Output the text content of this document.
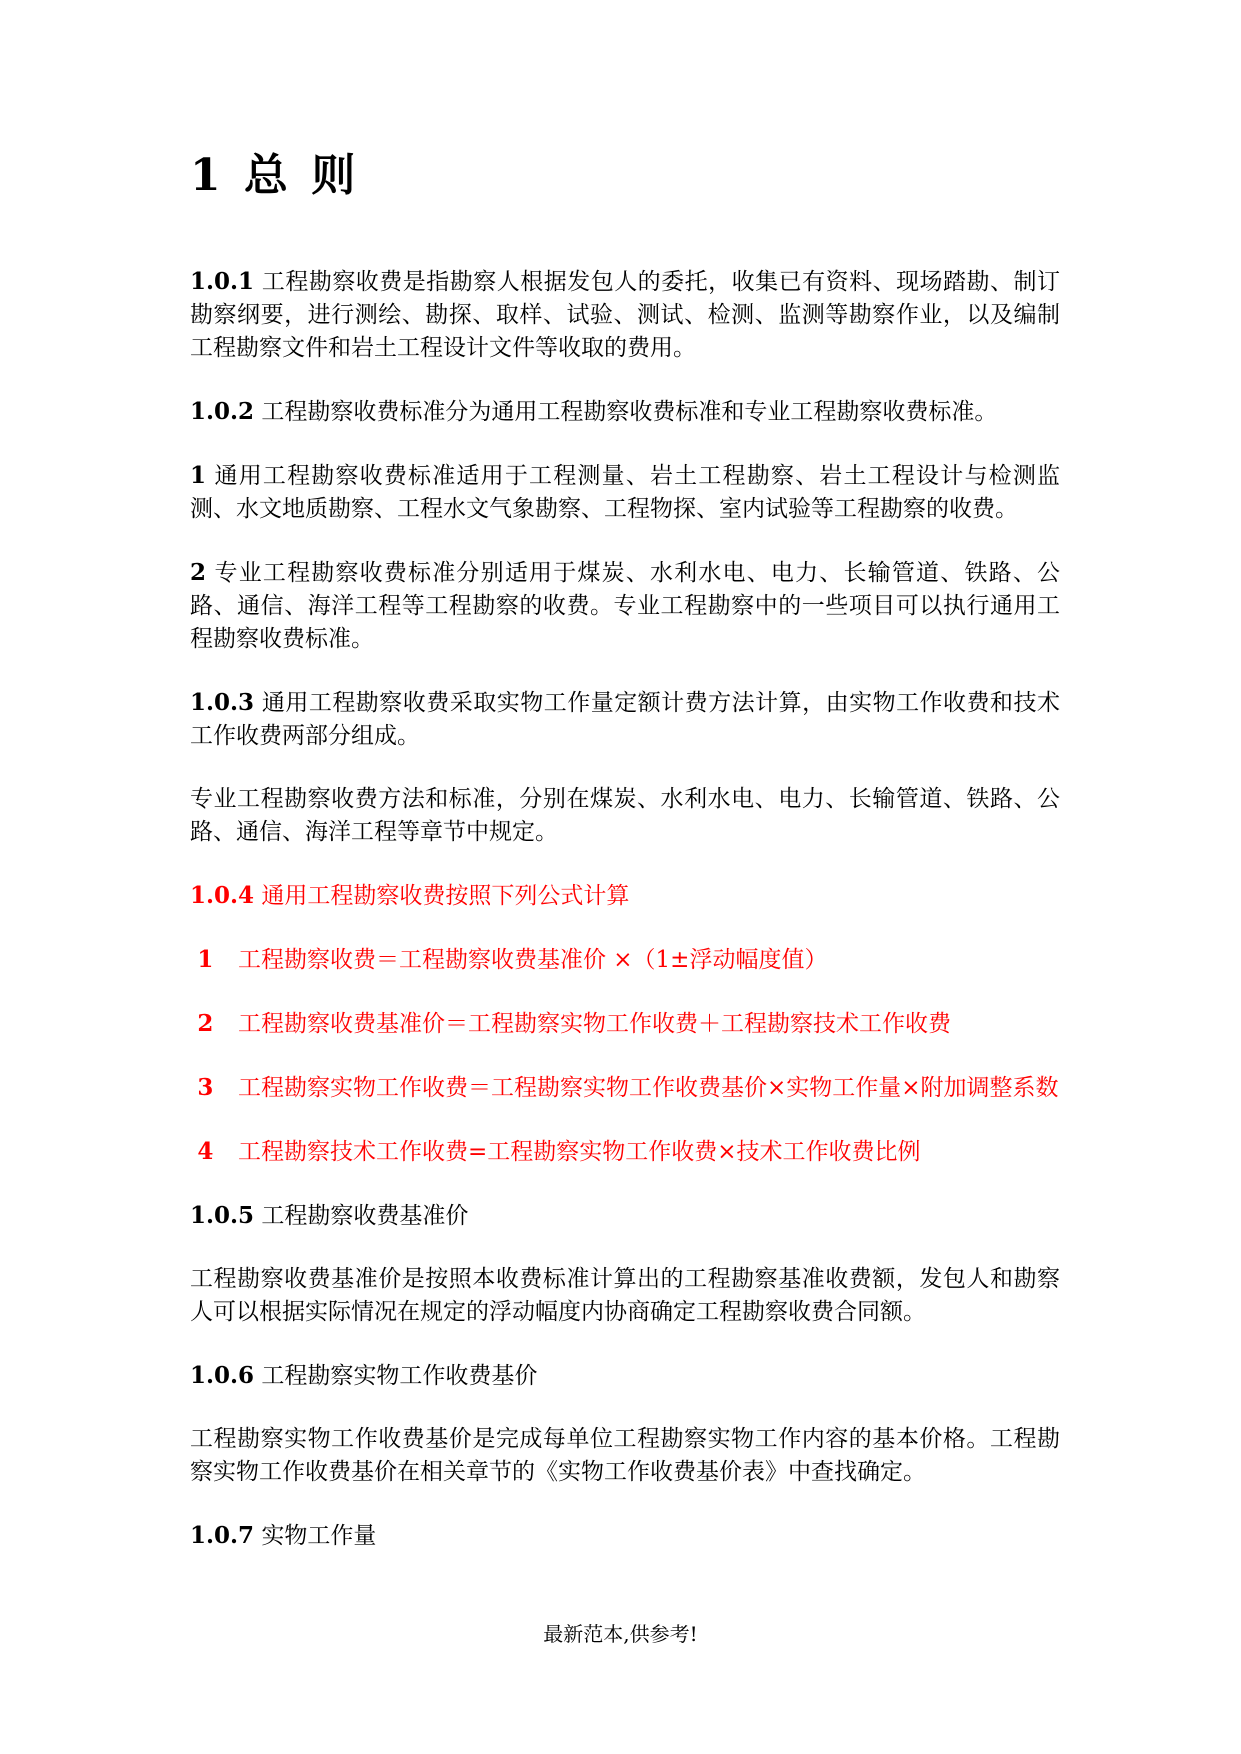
1 总 则

1.0.1 工程勘察收费是指勘察人根据发包人的委托，收集已有资料、现场踏勘、制订勘察纲要，进行测绘、勘探、取样、试验、测试、检测、监测等勘察作业，以及编制工程勘察文件和岩土工程设计文件等收取的费用。

1.0.2 工程勘察收费标准分为通用工程勘察收费标准和专业工程勘察收费标准。

1 通用工程勘察收费标准适用于工程测量、岩土工程勘察、岩土工程设计与检测监测、水文地质勘察、工程水文气象勘察、工程物探、室内试验等工程勘察的收费。

2 专业工程勘察收费标准分别适用于煤炭、水利水电、电力、长输管道、铁路、公路、通信、海洋工程等工程勘察的收费。专业工程勘察中的一些项目可以执行通用工程勘察收费标准。

1.0.3 通用工程勘察收费采取实物工作量定额计费方法计算，由实物工作收费和技术工作收费两部分组成。

专业工程勘察收费方法和标准，分别在煤炭、水利水电、电力、长输管道、铁路、公路、通信、海洋工程等章节中规定。

1.0.4 通用工程勘察收费按照下列公式计算

1 工程勘察收费＝工程勘察收费基准价 ×（1±浮动幅度值）

2 工程勘察收费基准价＝工程勘察实物工作收费＋工程勘察技术工作收费

3 工程勘察实物工作收费＝工程勘察实物工作收费基价×实物工作量×附加调整系数

4 工程勘察技术工作收费=工程勘察实物工作收费×技术工作收费比例

1.0.5 工程勘察收费基准价

工程勘察收费基准价是按照本收费标准计算出的工程勘察基准收费额，发包人和勘察人可以根据实际情况在规定的浮动幅度内协商确定工程勘察收费合同额。

1.0.6 工程勘察实物工作收费基价

工程勘察实物工作收费基价是完成每单位工程勘察实物工作内容的基本价格。工程勘察实物工作收费基价在相关章节的《实物工作收费基价表》中查找确定。

1.0.7 实物工作量

最新范本,供参考!
